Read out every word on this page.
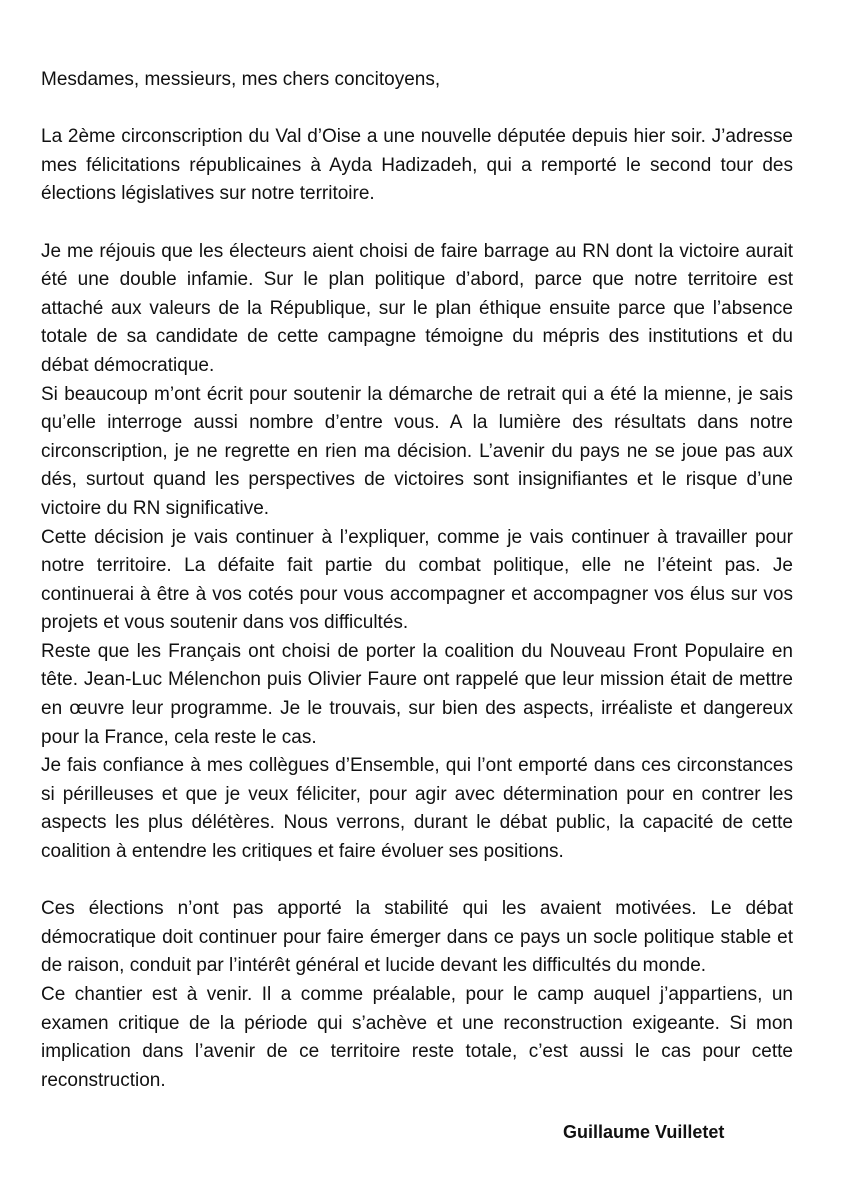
Mesdames, messieurs, mes chers concitoyens,

La 2ème circonscription du Val d’Oise a une nouvelle députée depuis hier soir. J’adresse mes félicitations républicaines à Ayda Hadizadeh, qui a remporté le second tour des élections législatives sur notre territoire.

Je me réjouis que les électeurs aient choisi de faire barrage au RN dont la victoire aurait été une double infamie. Sur le plan politique d’abord, parce que notre territoire est attaché aux valeurs de la République, sur le plan éthique ensuite parce que l’absence totale de sa candidate de cette campagne témoigne du mépris des institutions et du débat démocratique.

Si beaucoup m’ont écrit pour soutenir la démarche de retrait qui a été la mienne, je sais qu’elle interroge aussi nombre d’entre vous. A la lumière des résultats dans notre circonscription, je ne regrette en rien ma décision. L’avenir du pays ne se joue pas aux dés, surtout quand les perspectives de victoires sont insignifiantes et le risque d’une victoire du RN significative.

Cette décision je vais continuer à l’expliquer, comme je vais continuer à travailler pour notre territoire. La défaite fait partie du combat politique, elle ne l’éteint pas. Je continuerai à être à vos cotés pour vous accompagner et accompagner vos élus sur vos projets et vous soutenir dans vos difficultés.

Reste que les Français ont choisi de porter la coalition du Nouveau Front Populaire en tête. Jean-Luc Mélenchon puis Olivier Faure ont rappelé que leur mission était de mettre en œuvre leur programme. Je le trouvais, sur bien des aspects, irréaliste et dangereux pour la France, cela reste le cas.

Je fais confiance à mes collègues d’Ensemble, qui l’ont emporté dans ces circonstances si périlleuses et que je veux féliciter, pour agir avec détermination pour en contrer les aspects les plus délétères. Nous verrons, durant le débat public, la capacité de cette coalition à entendre les critiques et faire évoluer ses positions.

Ces élections n’ont pas apporté la stabilité qui les avaient motivées. Le débat démocratique doit continuer pour faire émerger dans ce pays un socle politique stable et de raison, conduit par l’intérêt général et lucide devant les difficultés du monde.

Ce chantier est à venir. Il a comme préalable, pour le camp auquel j’appartiens, un examen critique de la période qui s’achève et une reconstruction exigeante. Si mon implication dans l’avenir de ce territoire reste totale, c’est aussi le cas pour cette reconstruction.

Guillaume Vuilletet
